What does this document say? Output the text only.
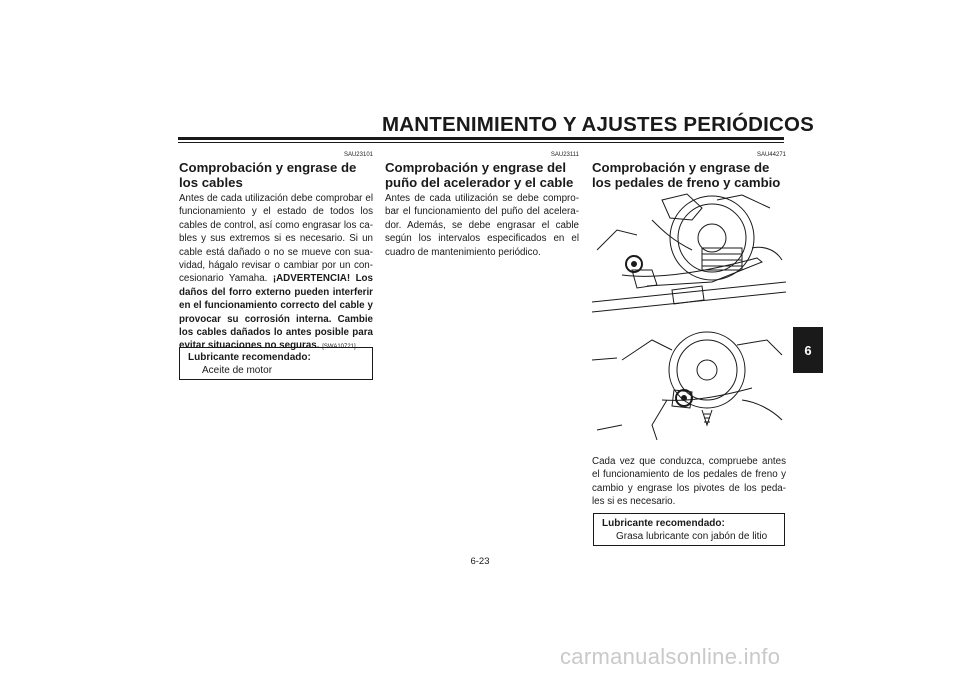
MANTENIMIENTO Y AJUSTES PERIÓDICOS
SAU23101
Comprobación y engrase de los cables
Antes de cada utilización debe comprobar el funcionamiento y el estado de todos los cables de control, así como engrasar los ca-bles y sus extremos si es necesario. Si un cable está dañado o no se mueve con sua-vidad, hágalo revisar o cambiar por un con-cesionario Yamaha. ¡ADVERTENCIA! Los daños del forro externo pueden interferir en el funcionamiento correcto del cable y provocar su corrosión interna. Cambie los cables dañados lo antes posible para evitar situaciones no seguras. [SWA10721]
Lubricante recomendado:
Aceite de motor
SAU23111
Comprobación y engrase del puño del acelerador y el cable
Antes de cada utilización se debe compro-bar el funcionamiento del puño del acelera-dor. Además, se debe engrasar el cable según los intervalos especificados en el cuadro de mantenimiento periódico.
SAU44271
Comprobación y engrase de los pedales de freno y cambio
Cada vez que conduzca, compruebe antes el funcionamiento de los pedales de freno y cambio y engrase los pivotes de los peda-les si es necesario.
Lubricante recomendado:
Grasa lubricante con jabón de litio
6
6-23
carmanualsonline.info
